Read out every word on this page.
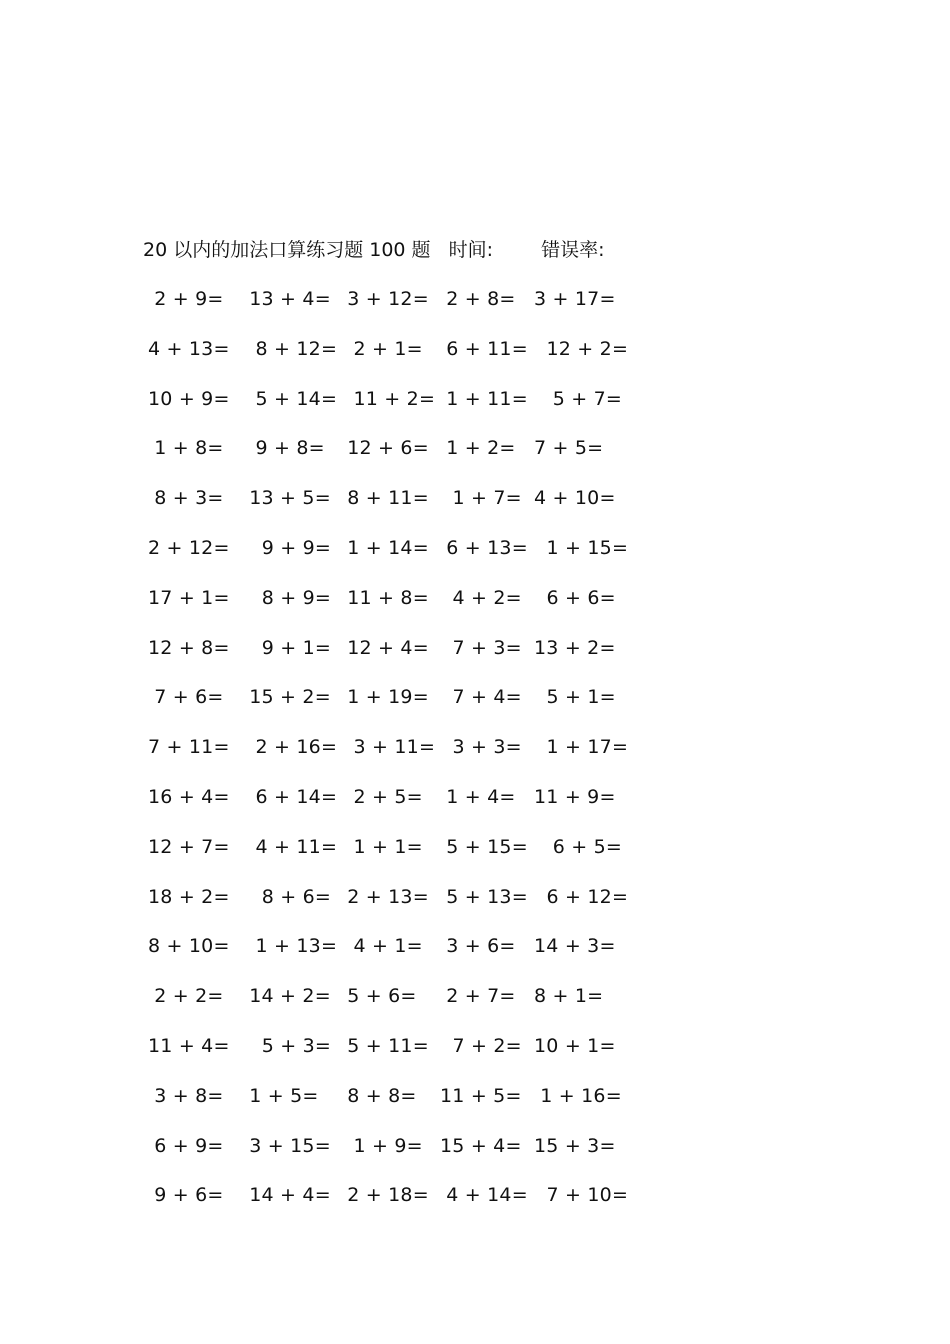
20 以内的加法口算练习题 100 题 时间:	错误率:
2 + 9= 13 + 4= 3 + 12= 2 + 8= 3 + 17=
4 + 13= 8 + 12= 2 + 1= 6 + 11= 12 + 2=
10 + 9= 5 + 14= 11 + 2= 1 + 11= 5 + 7=
1 + 8= 9 + 8= 12 + 6= 1 + 2= 7 + 5=
8 + 3= 13 + 5= 8 + 11= 1 + 7= 4 + 10=
2 + 12= 9 + 9= 1 + 14= 6 + 13= 1 + 15=
17 + 1= 8 + 9= 11 + 8= 4 + 2= 6 + 6=
12 + 8= 9 + 1= 12 + 4= 7 + 3= 13 + 2=
7 + 6= 15 + 2= 1 + 19= 7 + 4= 5 + 1=
7 + 11= 2 + 16= 3 + 11= 3 + 3= 1 + 17=
16 + 4= 6 + 14= 2 + 5= 1 + 4= 11 + 9=
12 + 7= 4 + 11= 1 + 1= 5 + 15= 6 + 5=
18 + 2= 8 + 6= 2 + 13= 5 + 13= 6 + 12=
8 + 10= 1 + 13= 4 + 1= 3 + 6= 14 + 3=
2 + 2= 14 + 2= 5 + 6= 2 + 7= 8 + 1=
11 + 4= 5 + 3= 5 + 11= 7 + 2= 10 + 1=
3 + 8= 1 + 5= 8 + 8= 11 + 5= 1 + 16=
6 + 9= 3 + 15= 1 + 9= 15 + 4= 15 + 3=
9 + 6= 14 + 4= 2 + 18= 4 + 14= 7 + 10=
